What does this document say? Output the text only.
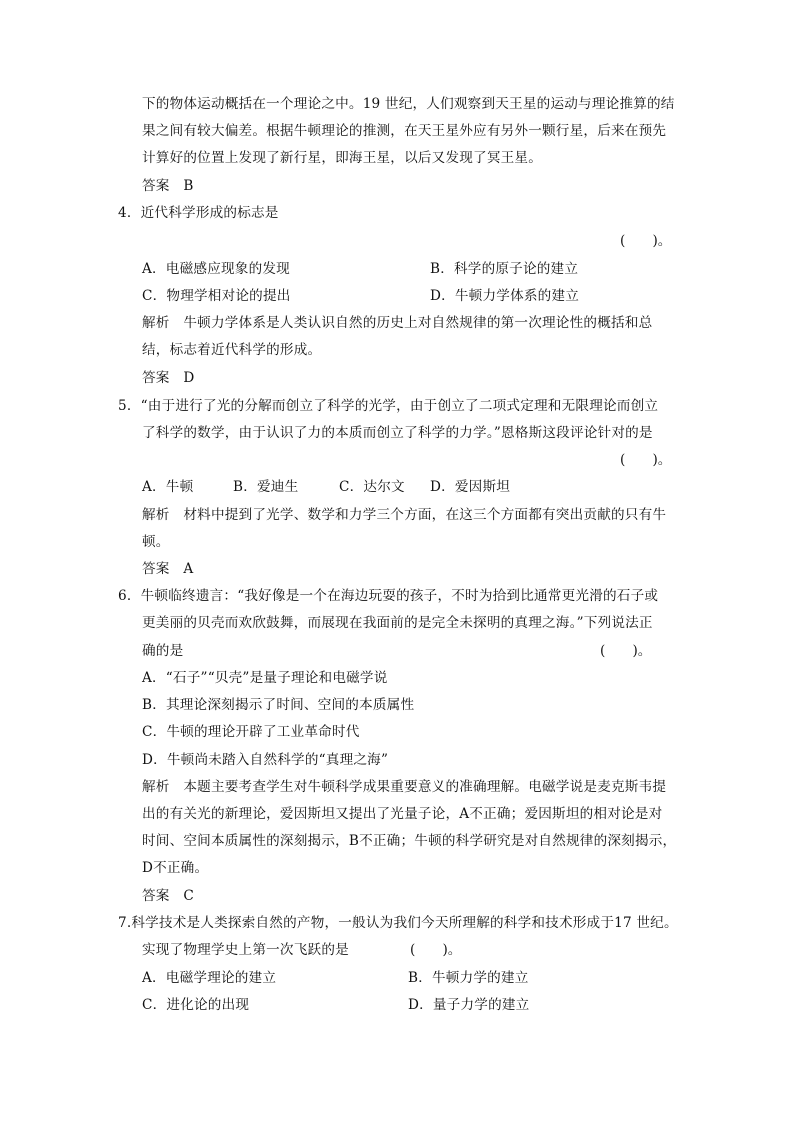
下的物体运动概括在一个理论之中。19 世纪，人们观察到天王星的运动与理论推算的结
果之间有较大偏差。根据牛顿理论的推测，在天王星外应有另外一颗行星，后来在预先
计算好的位置上发现了新行星，即海王星，以后又发现了冥王星。
答案　B
4．近代科学形成的标志是
(　　)。
A．电磁感应现象的发现	B．科学的原子论的建立
C．物理学相对论的提出	D．牛顿力学体系的建立
解析　牛顿力学体系是人类认识自然的历史上对自然规律的第一次理论性的概括和总
结，标志着近代科学的形成。
答案　D
5．“由于进行了光的分解而创立了科学的光学，由于创立了二项式定理和无限理论而创立
了科学的数学，由于认识了力的本质而创立了科学的力学。”恩格斯这段评论针对的是
(　　)。
A．牛顿	B．爱迪生	C．达尔文 D．爱因斯坦
解析　材料中提到了光学、数学和力学三个方面，在这三个方面都有突出贡献的只有牛
顿。
答案　A
6．牛顿临终遗言：“我好像是一个在海边玩耍的孩子，不时为拾到比通常更光滑的石子或
更美丽的贝壳而欢欣鼓舞，而展现在我面前的是完全未探明的真理之海。”下列说法正
确的是	(　　)。
A．“石子”“贝壳”是量子理论和电磁学说
B．其理论深刻揭示了时间、空间的本质属性
C．牛顿的理论开辟了工业革命时代
D．牛顿尚未踏入自然科学的“真理之海”
解析　本题主要考查学生对牛顿科学成果重要意义的准确理解。电磁学说是麦克斯韦提
出的有关光的新理论，爱因斯坦又提出了光量子论，A不正确；爱因斯坦的相对论是对
时间、空间本质属性的深刻揭示，B不正确；牛顿的科学研究是对自然规律的深刻揭示，
D不正确。
答案　C
7.科学技术是人类探索自然的产物，一般认为我们今天所理解的科学和技术形成于17 世纪。
实现了物理学史上第一次飞跃的是	(　　)。
A．电磁学理论的建立	B．牛顿力学的建立
C．进化论的出现	D．量子力学的建立
